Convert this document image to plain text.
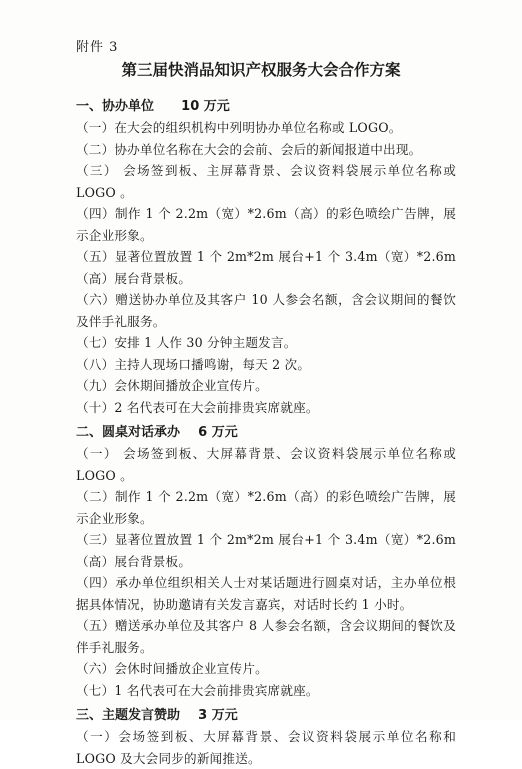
附件 3
第三届快消品知识产权服务大会合作方案
一、协办单位 10 万元
（一）在大会的组织机构中列明协办单位名称或 LOGO。
（二）协办单位名称在大会的会前、会后的新闻报道中出现。
（三） 会场签到板、主屏幕背景、会议资料袋展示单位名称或 LOGO 。
（四）制作 1 个 2.2m（宽）*2.6m（高）的彩色喷绘广告牌，展示企业形象。
（五）显著位置放置 1 个 2m*2m 展台+1 个 3.4m（宽）*2.6m（高）展台背景板。
（六）赠送协办单位及其客户 10 人参会名额，含会议期间的餐饮及伴手礼服务。
（七）安排 1 人作 30 分钟主题发言。
（八）主持人现场口播鸣谢，每天 2 次。
（九）会休期间播放企业宣传片。
（十）2 名代表可在大会前排贵宾席就座。
二、圆桌对话承办 6 万元
（一） 会场签到板、大屏幕背景、会议资料袋展示单位名称或 LOGO 。
（二）制作 1 个 2.2m（宽）*2.6m（高）的彩色喷绘广告牌，展示企业形象。
（三）显著位置放置 1 个 2m*2m 展台+1 个 3.4m（宽）*2.6m（高）展台背景板。
（四）承办单位组织相关人士对某话题进行圆桌对话，主办单位根据具体情况，协助邀请有关发言嘉宾，对话时长约 1 小时。
（五）赠送承办单位及其客户 8 人参会名额，含会议期间的餐饮及伴手礼服务。
（六）会休时间播放企业宣传片。
（七）1 名代表可在大会前排贵宾席就座。
三、主题发言赞助 3 万元
（一）会场签到板、大屏幕背景、会议资料袋展示单位名称和 LOGO 及大会同步的新闻推送。
